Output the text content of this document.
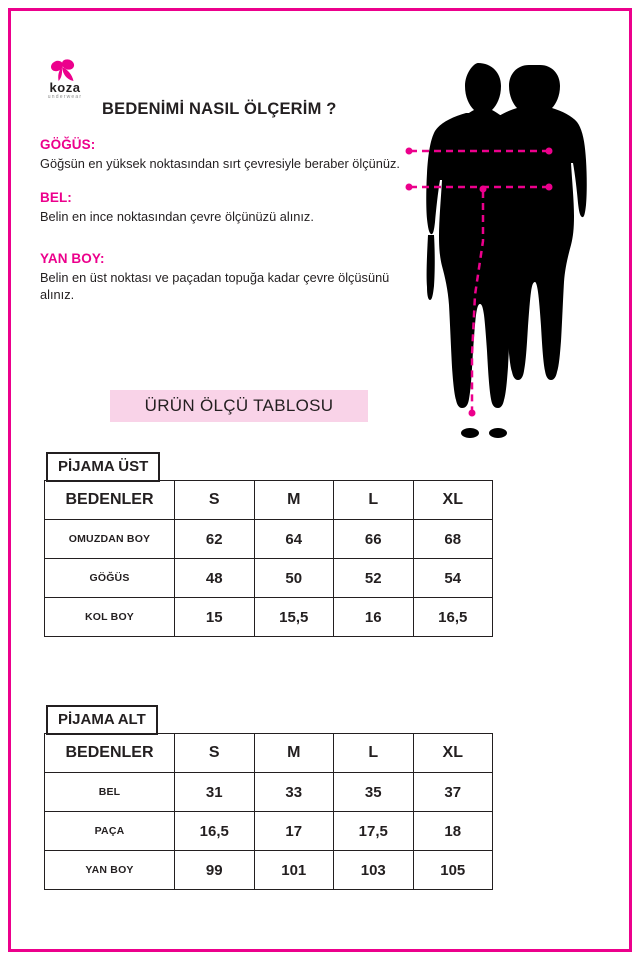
koza
underwear
BEDENİMİ NASIL ÖLÇERİM ?

GÖĞÜS:

Göğsün en yüksek noktasından sırt çevresiyle beraber ölçünüz.

BEL:

Belin en ince noktasından çevre ölçünüzü alınız.

YAN BOY:

Belin en üst noktası ve paçadan topuğa kadar çevre ölçüsünü alınız.

ÜRÜN ÖLÇÜ TABLOSU
PİJAMA ÜST
BEDENLER	S	M	L	XL
OMUZDAN BOY	62	64	66	68
GÖĞÜS	48	50	52	54
KOL BOY	15	15,5	16	16,5
PİJAMA ALT
BEDENLER	S	M	L	XL
BEL	31	33	35	37
PAÇA	16,5	17	17,5	18
YAN BOY	99	101	103	105
